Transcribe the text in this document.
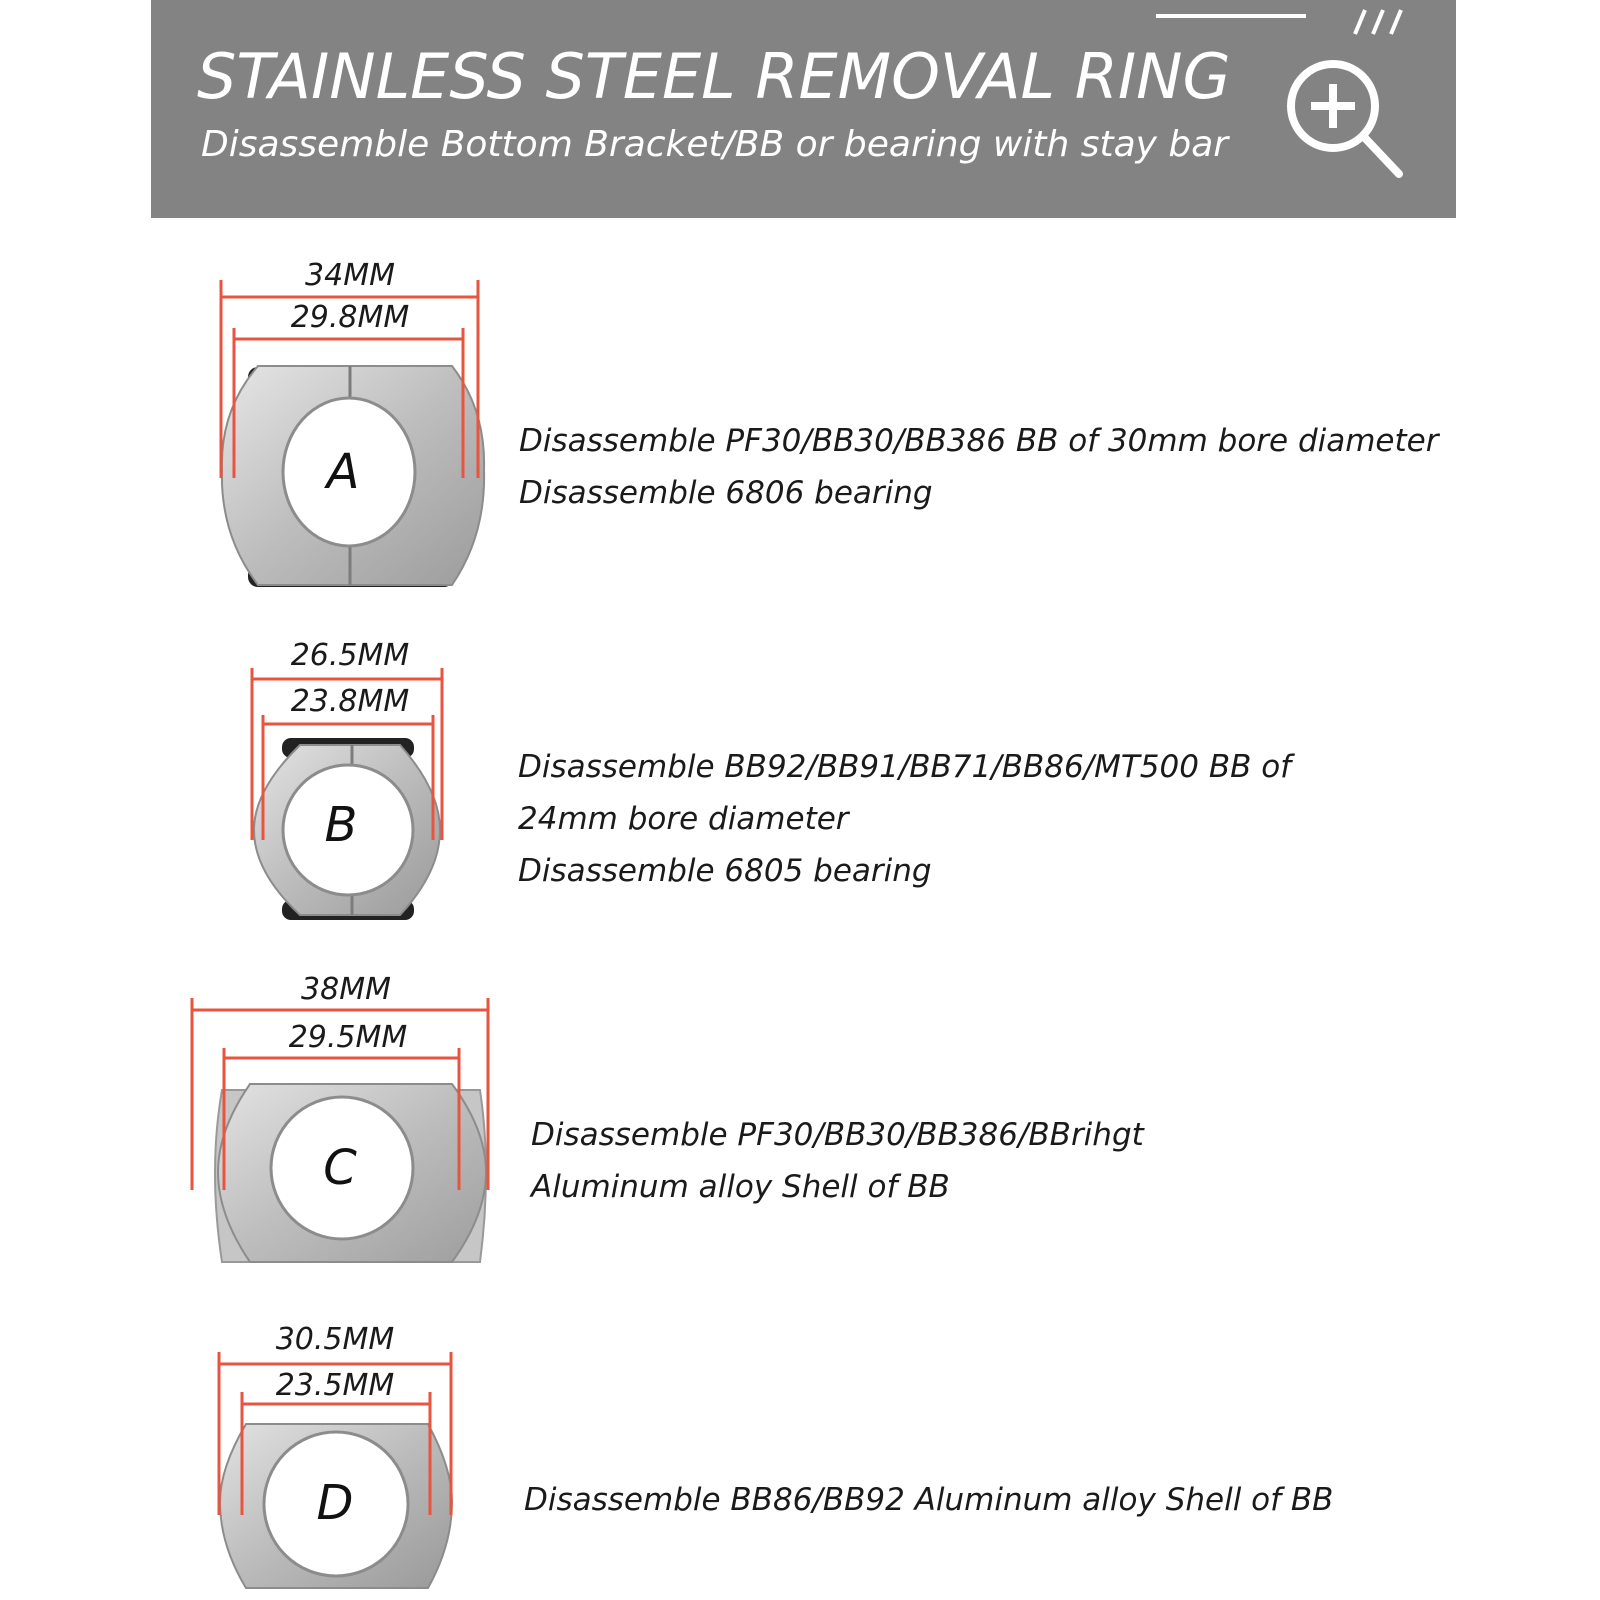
STAINLESS STEEL REMOVAL RING

Disassemble Bottom Bracket/BB or bearing with stay bar

34MM
29.8MM
A
Disassemble PF30/BB30/BB386 BB of 30mm bore diameter
Disassemble 6806 bearing
26.5MM
23.8MM
B
Disassemble BB92/BB91/BB71/BB86/MT500 BB of
24mm bore diameter
Disassemble 6805 bearing
38MM
29.5MM
C
Disassemble PF30/BB30/BB386/BBrihgt
Aluminum alloy Shell of BB
30.5MM
23.5MM
D	Disassemble BB86/BB92 Aluminum alloy Shell of BB
